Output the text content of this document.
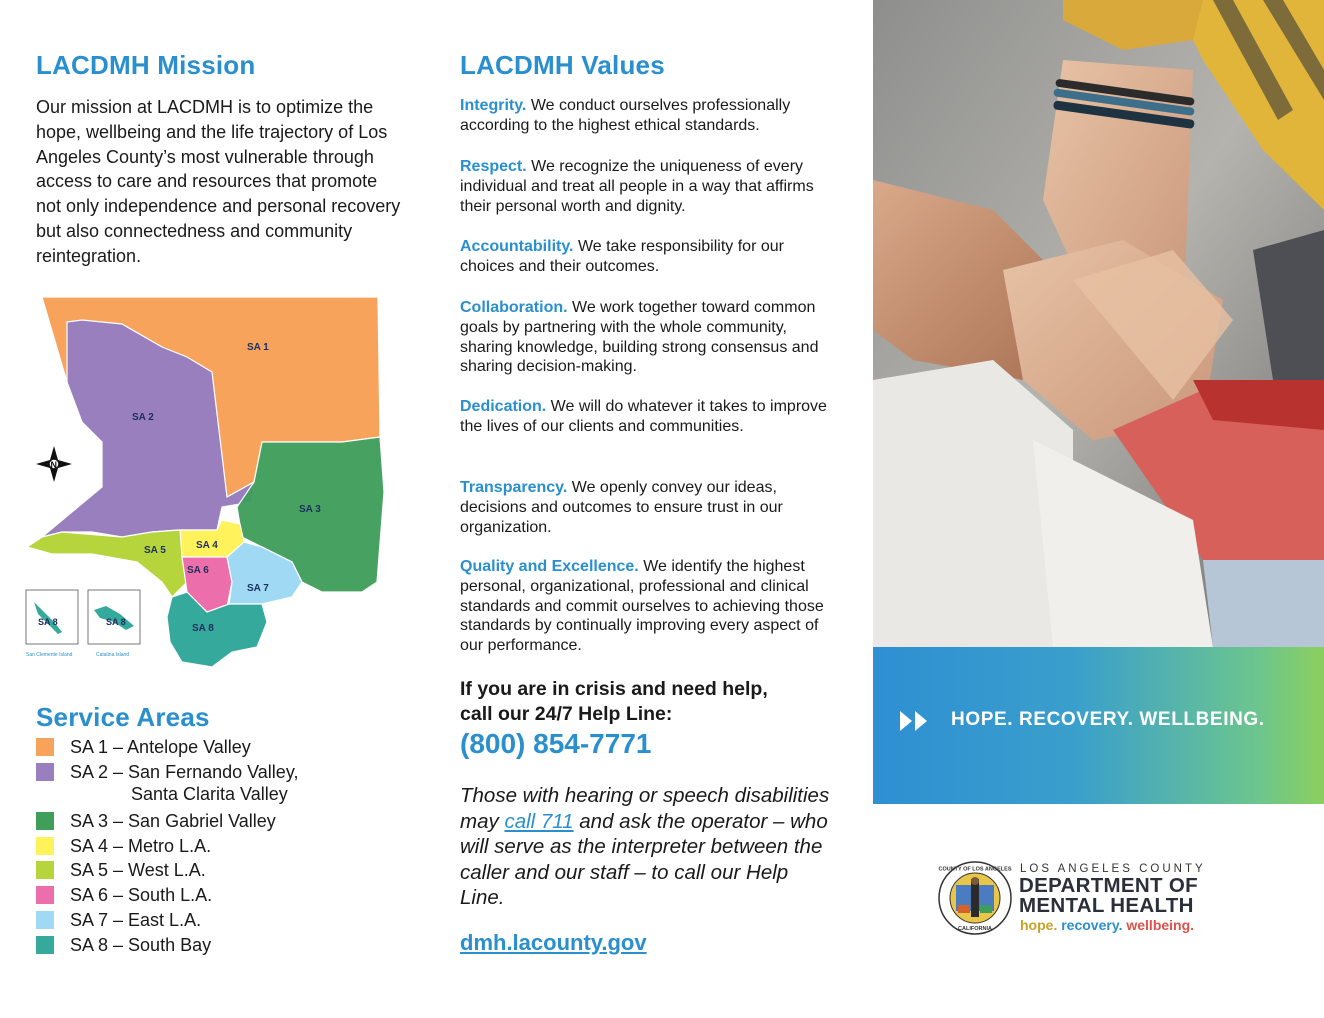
LACDMH Mission

Our mission at LACDMH is to optimize the hope, wellbeing and the life trajectory of Los Angeles County’s most vulnerable through access to care and resources that promote not only independence and personal recovery but also connectedness and community reintegration.

SA 1
SA 2
SA 3
SA 4
SA 5
SA 6
SA 7
SA 8
N
SA 8
San Clemente Island
SA 8
Catalina Island
Service Areas
SA 1 – Antelope Valley
SA 2 – San Fernando Valley,
Santa Clarita Valley
SA 3 – San Gabriel Valley
SA 4 – Metro L.A.
SA 5 – West L.A.
SA 6 – South L.A.
SA 7 – East L.A.
SA 8 – South Bay
LACDMH Values

Integrity. We conduct ourselves professionally according to the highest ethical standards.

Respect. We recognize the uniqueness of every individual and treat all people in a way that affirms their personal worth and dignity.

Accountability. We take responsibility for our choices and their outcomes.

Collaboration. We work together toward common goals by partnering with the whole community, sharing knowledge, building strong consensus and sharing decision-making.

Dedication. We will do whatever it takes to improve the lives of our clients and communities.

Transparency. We openly convey our ideas, decisions and outcomes to ensure trust in our organization.

Quality and Excellence. We identify the highest personal, organizational, professional and clinical standards and commit ourselves to achieving those standards by continually improving every aspect of our performance.

If you are in crisis and need help,
call our 24/7 Help Line:
(800) 854-7771
Those with hearing or speech disabilities may call 711 and ask the operator – who will serve as the interpreter between the caller and our staff – to call our Help Line.
dmh.lacounty.gov
HOPE. RECOVERY. WELLBEING.
COUNTY OF LOS ANGELES
CALIFORNIA
LOS ANGELES COUNTY
DEPARTMENT OF
MENTAL HEALTH
hope. recovery. wellbeing.
